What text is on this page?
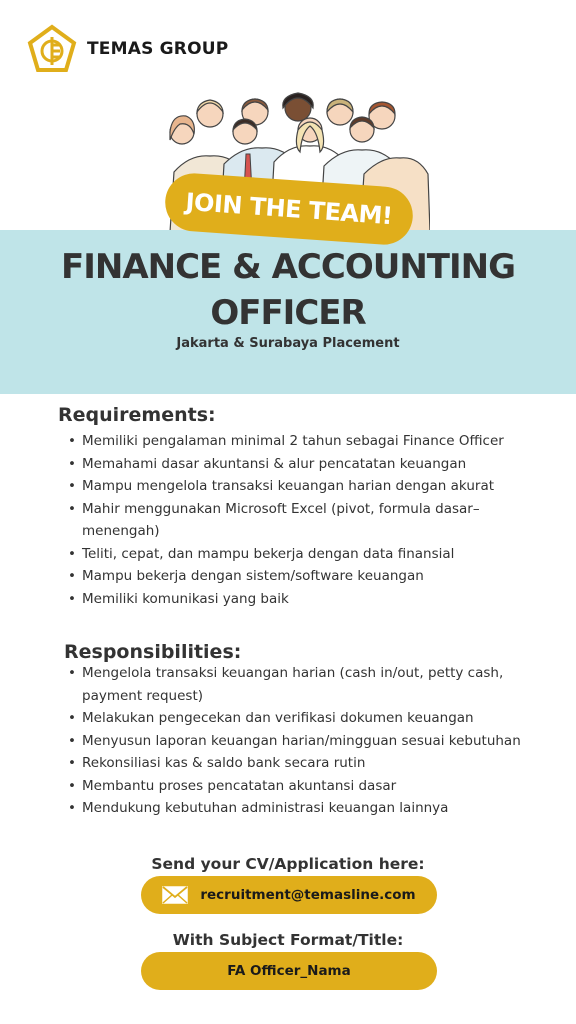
TEMAS GROUP
JOIN THE TEAM!
FINANCE & ACCOUNTING
OFFICER
Jakarta & Surabaya Placement
Requirements:
• Memiliki pengalaman minimal 2 tahun sebagai Finance Officer
• Memahami dasar akuntansi & alur pencatatan keuangan
• Mampu mengelola transaksi keuangan harian dengan akurat
• Mahir menggunakan Microsoft Excel (pivot, formula dasar–menengah)
• Teliti, cepat, dan mampu bekerja dengan data finansial
• Mampu bekerja dengan sistem/software keuangan
• Memiliki komunikasi yang baik
Responsibilities:
• Mengelola transaksi keuangan harian (cash in/out, petty cash, payment request)
• Melakukan pengecekan dan verifikasi dokumen keuangan
• Menyusun laporan keuangan harian/mingguan sesuai kebutuhan
• Rekonsiliasi kas & saldo bank secara rutin
• Membantu proses pencatatan akuntansi dasar
• Mendukung kebutuhan administrasi keuangan lainnya
Send your CV/Application here:
recruitment@temasline.com
With Subject Format/Title:
FA Officer_Nama
